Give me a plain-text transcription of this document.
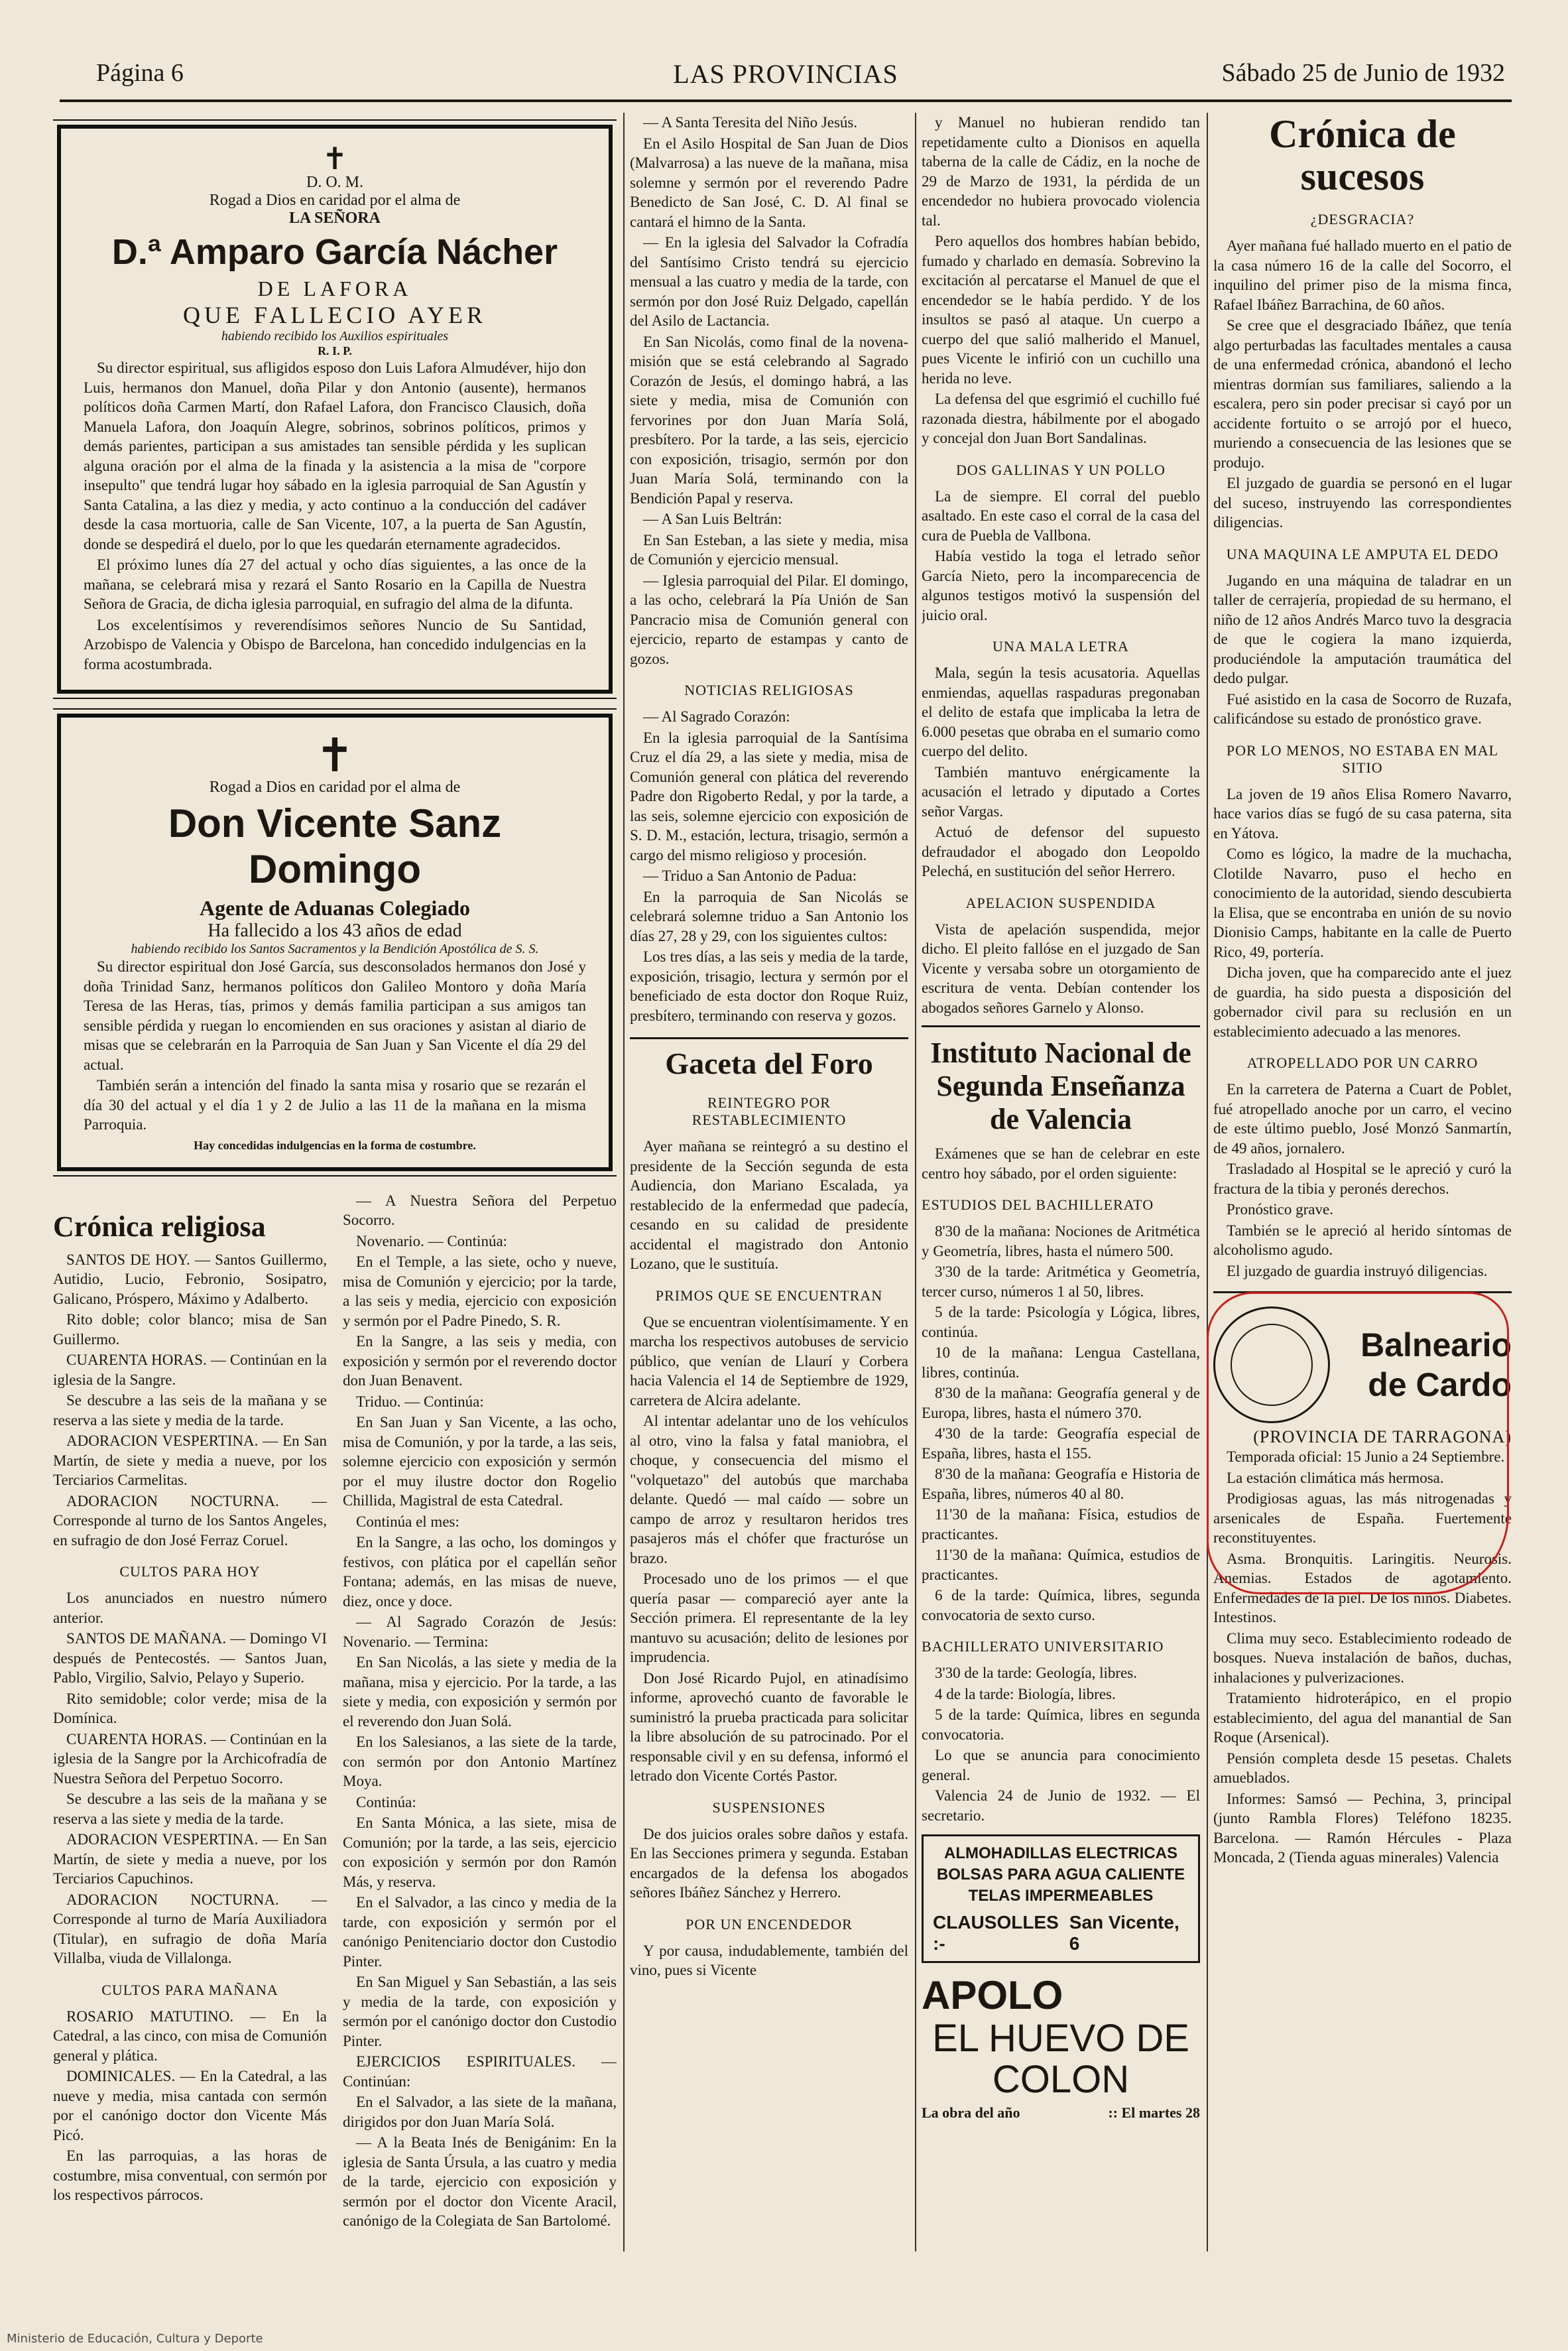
Página 6	LAS PROVINCIAS	Sábado 25 de Junio de 1932
✝
D. O. M.
Rogad a Dios en caridad por el alma de
LA SEÑORA
D.ª Amparo García Nácher
DE LAFORA
QUE FALLECIO AYER
habiendo recibido los Auxilios espirituales
R. I. P.

Su director espiritual, sus afligidos esposo don Luis Lafora Almudéver, hijo don Luis, hermanos don Manuel, doña Pilar y don Antonio (ausente), hermanos políticos doña Carmen Martí, don Rafael Lafora, don Francisco Clausich, doña Manuela Lafora, don Joaquín Alegre, sobrinos, sobrinos políticos, primos y demás parientes, participan a sus amistades tan sensible pérdida y les suplican alguna oración por el alma de la finada y la asistencia a la misa de "corpore insepulto" que tendrá lugar hoy sábado en la iglesia parroquial de San Agustín y Santa Catalina, a las diez y media, y acto continuo a la conducción del cadáver desde la casa mortuoria, calle de San Vicente, 107, a la puerta de San Agustín, donde se despedirá el duelo, por lo que les quedarán eternamente agradecidos.

El próximo lunes día 27 del actual y ocho días siguientes, a las once de la mañana, se celebrará misa y rezará el Santo Rosario en la Capilla de Nuestra Señora de Gracia, de dicha iglesia parroquial, en sufragio del alma de la difunta.

Los excelentísimos y reverendísimos señores Nuncio de Su Santidad, Arzobispo de Valencia y Obispo de Barcelona, han concedido indulgencias en la forma acostumbrada.

✝
Rogad a Dios en caridad por el alma de
Don Vicente Sanz Domingo
Agente de Aduanas Colegiado
Ha fallecido a los 43 años de edad
habiendo recibido los Santos Sacramentos y la Bendición Apostólica de S. S.

Su director espiritual don José García, sus desconsolados hermanos don José y doña Trinidad Sanz, hermanos políticos don Galileo Montoro y doña María Teresa de las Heras, tías, primos y demás familia participan a sus amigos tan sensible pérdida y ruegan lo encomienden en sus oraciones y asistan al diario de misas que se celebrarán en la Parroquia de San Juan y San Vicente el día 29 del actual.

También serán a intención del finado la santa misa y rosario que se rezarán el día 30 del actual y el día 1 y 2 de Julio a las 11 de la mañana en la misma Parroquia.

Hay concedidas indulgencias en la forma de costumbre.
Crónica religiosa

SANTOS DE HOY. — Santos Guillermo, Autidio, Lucio, Febronio, Sosipatro, Galicano, Próspero, Máximo y Adalberto.

Rito doble; color blanco; misa de San Guillermo.

CUARENTA HORAS. — Continúan en la iglesia de la Sangre.

Se descubre a las seis de la mañana y se reserva a las siete y media de la tarde.

ADORACION VESPERTINA. — En San Martín, de siete y media a nueve, por los Terciarios Carmelitas.

ADORACION NOCTURNA. — Corresponde al turno de los Santos Angeles, en sufragio de don José Ferraz Coruel.

CULTOS PARA HOY

Los anunciados en nuestro número anterior.

SANTOS DE MAÑANA. — Domingo VI después de Pentecostés. — Santos Juan, Pablo, Virgilio, Salvio, Pelayo y Superio.

Rito semidoble; color verde; misa de la Domínica.

CUARENTA HORAS. — Continúan en la iglesia de la Sangre por la Archicofradía de Nuestra Señora del Perpetuo Socorro.

Se descubre a las seis de la mañana y se reserva a las siete y media de la tarde.

ADORACION VESPERTINA. — En San Martín, de siete y media a nueve, por los Terciarios Capuchinos.

ADORACION NOCTURNA. — Corresponde al turno de María Auxiliadora (Titular), en sufragio de doña María Villalba, viuda de Villalonga.

CULTOS PARA MAÑANA

ROSARIO MATUTINO. — En la Catedral, a las cinco, con misa de Comunión general y plática.

DOMINICALES. — En la Catedral, a las nueve y media, misa cantada con sermón por el canónigo doctor don Vicente Más Picó.

En las parroquias, a las horas de costumbre, misa conventual, con sermón por los respectivos párrocos.

— A Nuestra Señora del Perpetuo Socorro.

Novenario. — Continúa:

En el Temple, a las siete, ocho y nueve, misa de Comunión y ejercicio; por la tarde, a las seis y media, ejercicio con exposición y sermón por el Padre Pinedo, S. R.

En la Sangre, a las seis y media, con exposición y sermón por el reverendo doctor don Juan Benavent.

Triduo. — Continúa:

En San Juan y San Vicente, a las ocho, misa de Comunión, y por la tarde, a las seis, solemne ejercicio con exposición y sermón por el muy ilustre doctor don Rogelio Chillida, Magistral de esta Catedral.

Continúa el mes:

En la Sangre, a las ocho, los domingos y festivos, con plática por el capellán señor Fontana; además, en las misas de nueve, diez, once y doce.

— Al Sagrado Corazón de Jesús: Novenario. — Termina:

En San Nicolás, a las siete y media de la mañana, misa y ejercicio. Por la tarde, a las siete y media, con exposición y sermón por el reverendo don Juan Solá.

En los Salesianos, a las siete de la tarde, con sermón por don Antonio Martínez Moya.

Continúa:

En Santa Mónica, a las siete, misa de Comunión; por la tarde, a las seis, ejercicio con exposición y sermón por don Ramón Más, y reserva.

En el Salvador, a las cinco y media de la tarde, con exposición y sermón por el canónigo Penitenciario doctor don Custodio Pinter.

En San Miguel y San Sebastián, a las seis y media de la tarde, con exposición y sermón por el canónigo doctor don Custodio Pinter.

EJERCICIOS ESPIRITUALES. — Continúan:

En el Salvador, a las siete de la mañana, dirigidos por don Juan María Solá.

— A la Beata Inés de Benigánim: En la iglesia de Santa Úrsula, a las cuatro y media de la tarde, ejercicio con exposición y sermón por el doctor don Vicente Aracil, canónigo de la Colegiata de San Bartolomé.

— A Santa Teresita del Niño Jesús.

En el Asilo Hospital de San Juan de Dios (Malvarrosa) a las nueve de la mañana, misa solemne y sermón por el reverendo Padre Benedicto de San José, C. D. Al final se cantará el himno de la Santa.

— En la iglesia del Salvador la Cofradía del Santísimo Cristo tendrá su ejercicio mensual a las cuatro y media de la tarde, con sermón por don José Ruiz Delgado, capellán del Asilo de Lactancia.

En San Nicolás, como final de la novena-misión que se está celebrando al Sagrado Corazón de Jesús, el domingo habrá, a las siete y media, misa de Comunión con fervorines por don Juan María Solá, presbítero. Por la tarde, a las seis, ejercicio con exposición, trisagio, sermón por don Juan María Solá, terminando con la Bendición Papal y reserva.

— A San Luis Beltrán:

En San Esteban, a las siete y media, misa de Comunión y ejercicio mensual.

— Iglesia parroquial del Pilar. El domingo, a las ocho, celebrará la Pía Unión de San Pancracio misa de Comunión general con ejercicio, reparto de estampas y canto de gozos.

NOTICIAS RELIGIOSAS

— Al Sagrado Corazón:

En la iglesia parroquial de la Santísima Cruz el día 29, a las siete y media, misa de Comunión general con plática del reverendo Padre don Rigoberto Redal, y por la tarde, a las seis, solemne ejercicio con exposición de S. D. M., estación, lectura, trisagio, sermón a cargo del mismo religioso y procesión.

— Triduo a San Antonio de Padua:

En la parroquia de San Nicolás se celebrará solemne triduo a San Antonio los días 27, 28 y 29, con los siguientes cultos:

Los tres días, a las seis y media de la tarde, exposición, trisagio, lectura y sermón por el beneficiado de esta doctor don Roque Ruiz, presbítero, terminando con reserva y gozos.

Gaceta del Foro
REINTEGRO POR RESTABLECIMIENTO

Ayer mañana se reintegró a su destino el presidente de la Sección segunda de esta Audiencia, don Mariano Escalada, ya restablecido de la enfermedad que padecía, cesando en su calidad de presidente accidental el magistrado don Antonio Lozano, que le sustituía.

PRIMOS QUE SE ENCUENTRAN

Que se encuentran violentísimamente. Y en marcha los respectivos autobuses de servicio público, que venían de Llaurí y Corbera hacia Valencia el 14 de Septiembre de 1929, carretera de Alcira adelante.

Al intentar adelantar uno de los vehículos al otro, vino la falsa y fatal maniobra, el choque, y consecuencia del mismo el "volquetazo" del autobús que marchaba delante. Quedó — mal caído — sobre un campo de arroz y resultaron heridos tres pasajeros más el chófer que fracturóse un brazo.

Procesado uno de los primos — el que quería pasar — compareció ayer ante la Sección primera. El representante de la ley mantuvo su acusación; delito de lesiones por imprudencia.

Don José Ricardo Pujol, en atinadísimo informe, aprovechó cuanto de favorable le suministró la prueba practicada para solicitar la libre absolución de su patrocinado. Por el responsable civil y en su defensa, informó el letrado don Vicente Cortés Pastor.

SUSPENSIONES

De dos juicios orales sobre daños y estafa. En las Secciones primera y segunda. Estaban encargados de la defensa los abogados señores Ibáñez Sánchez y Herrero.

POR UN ENCENDEDOR

Y por causa, indudablemente, también del vino, pues si Vicente

y Manuel no hubieran rendido tan repetidamente culto a Dionisos en aquella taberna de la calle de Cádiz, en la noche de 29 de Marzo de 1931, la pérdida de un encendedor no hubiera provocado violencia tal.

Pero aquellos dos hombres habían bebido, fumado y charlado en demasía. Sobrevino la excitación al percatarse el Manuel de que el encendedor se le había perdido. Y de los insultos se pasó al ataque. Un cuerpo a cuerpo del que salió malherido el Manuel, pues Vicente le infirió con un cuchillo una herida no leve.

La defensa del que esgrimió el cuchillo fué razonada diestra, hábilmente por el abogado y concejal don Juan Bort Sandalinas.

DOS GALLINAS Y UN POLLO

La de siempre. El corral del pueblo asaltado. En este caso el corral de la casa del cura de Puebla de Vallbona.

Había vestido la toga el letrado señor García Nieto, pero la incomparecencia de algunos testigos motivó la suspensión del juicio oral.

UNA MALA LETRA

Mala, según la tesis acusatoria. Aquellas enmiendas, aquellas raspaduras pregonaban el delito de estafa que implicaba la letra de 6.000 pesetas que obraba en el sumario como cuerpo del delito.

También mantuvo enérgicamente la acusación el letrado y diputado a Cortes señor Vargas.

Actuó de defensor del supuesto defraudador el abogado don Leopoldo Pelechá, en sustitución del señor Herrero.

APELACION SUSPENDIDA

Vista de apelación suspendida, mejor dicho. El pleito fallóse en el juzgado de San Vicente y versaba sobre un otorgamiento de escritura de venta. Debían contender los abogados señores Garnelo y Alonso.

Instituto Nacional de Segunda Enseñanza de Valencia

Exámenes que se han de celebrar en este centro hoy sábado, por el orden siguiente:

ESTUDIOS DEL BACHILLERATO

8'30 de la mañana: Nociones de Aritmética y Geometría, libres, hasta el número 500.

3'30 de la tarde: Aritmética y Geometría, tercer curso, números 1 al 50, libres.

5 de la tarde: Psicología y Lógica, libres, continúa.

10 de la mañana: Lengua Castellana, libres, continúa.

8'30 de la mañana: Geografía general y de Europa, libres, hasta el número 370.

4'30 de la tarde: Geografía especial de España, libres, hasta el 155.

8'30 de la mañana: Geografía e Historia de España, libres, números 40 al 80.

11'30 de la mañana: Física, estudios de practicantes.

11'30 de la mañana: Química, estudios de practicantes.

6 de la tarde: Química, libres, segunda convocatoria de sexto curso.

BACHILLERATO UNIVERSITARIO

3'30 de la tarde: Geología, libres.

4 de la tarde: Biología, libres.

5 de la tarde: Química, libres en segunda convocatoria.

Lo que se anuncia para conocimiento general.

Valencia 24 de Junio de 1932. — El secretario.

ALMOHADILLAS ELECTRICAS
BOLSAS PARA AGUA CALIENTE
TELAS IMPERMEABLES
CLAUSOLLES :-
San Vicente, 6
APOLO
EL HUEVO DE COLON
La obra del año	:: El martes 28
Crónica de sucesos
¿DESGRACIA?

Ayer mañana fué hallado muerto en el patio de la casa número 16 de la calle del Socorro, el inquilino del primer piso de la misma finca, Rafael Ibáñez Barrachina, de 60 años.

Se cree que el desgraciado Ibáñez, que tenía algo perturbadas las facultades mentales a causa de una enfermedad crónica, abandonó el lecho mientras dormían sus familiares, saliendo a la escalera, pero sin poder precisar si cayó por un accidente fortuito o se arrojó por el hueco, muriendo a consecuencia de las lesiones que se produjo.

El juzgado de guardia se personó en el lugar del suceso, instruyendo las correspondientes diligencias.

UNA MAQUINA LE AMPUTA EL DEDO

Jugando en una máquina de taladrar en un taller de cerrajería, propiedad de su hermano, el niño de 12 años Andrés Marco tuvo la desgracia de que le cogiera la mano izquierda, produciéndole la amputación traumática del dedo pulgar.

Fué asistido en la casa de Socorro de Ruzafa, calificándose su estado de pronóstico grave.

POR LO MENOS, NO ESTABA EN MAL SITIO

La joven de 19 años Elisa Romero Navarro, hace varios días se fugó de su casa paterna, sita en Yátova.

Como es lógico, la madre de la muchacha, Clotilde Navarro, puso el hecho en conocimiento de la autoridad, siendo descubierta la Elisa, que se encontraba en unión de su novio Dionisio Camps, habitante en la calle de Puerto Rico, 49, portería.

Dicha joven, que ha comparecido ante el juez de guardia, ha sido puesta a disposición del gobernador civil para su reclusión en un establecimiento adecuado a las menores.

ATROPELLADO POR UN CARRO

En la carretera de Paterna a Cuart de Poblet, fué atropellado anoche por un carro, el vecino de este último pueblo, José Monzó Sanmartín, de 49 años, jornalero.

Trasladado al Hospital se le apreció y curó la fractura de la tibia y peronés derechos.

Pronóstico grave.

También se le apreció al herido síntomas de alcoholismo agudo.

El juzgado de guardia instruyó diligencias.

Balneario
de Cardo
(PROVINCIA DE TARRAGONA)

Temporada oficial: 15 Junio a 24 Septiembre.

La estación climática más hermosa.

Prodigiosas aguas, las más nitrogenadas y arsenicales de España. Fuertemente reconstituyentes.

Asma. Bronquitis. Laringitis. Neurosis. Anemias. Estados de agotamiento. Enfermedades de la piel. De los niños. Diabetes. Intestinos.

Clima muy seco. Establecimiento rodeado de bosques. Nueva instalación de baños, duchas, inhalaciones y pulverizaciones.

Tratamiento hidroterápico, en el propio establecimiento, del agua del manantial de San Roque (Arsenical).

Pensión completa desde 15 pesetas. Chalets amueblados.

Informes: Samsó — Pechina, 3, principal (junto Rambla Flores) Teléfono 18235. Barcelona. — Ramón Hércules - Plaza Moncada, 2 (Tienda aguas minerales) Valencia

Ministerio de Educación, Cultura y Deporte
